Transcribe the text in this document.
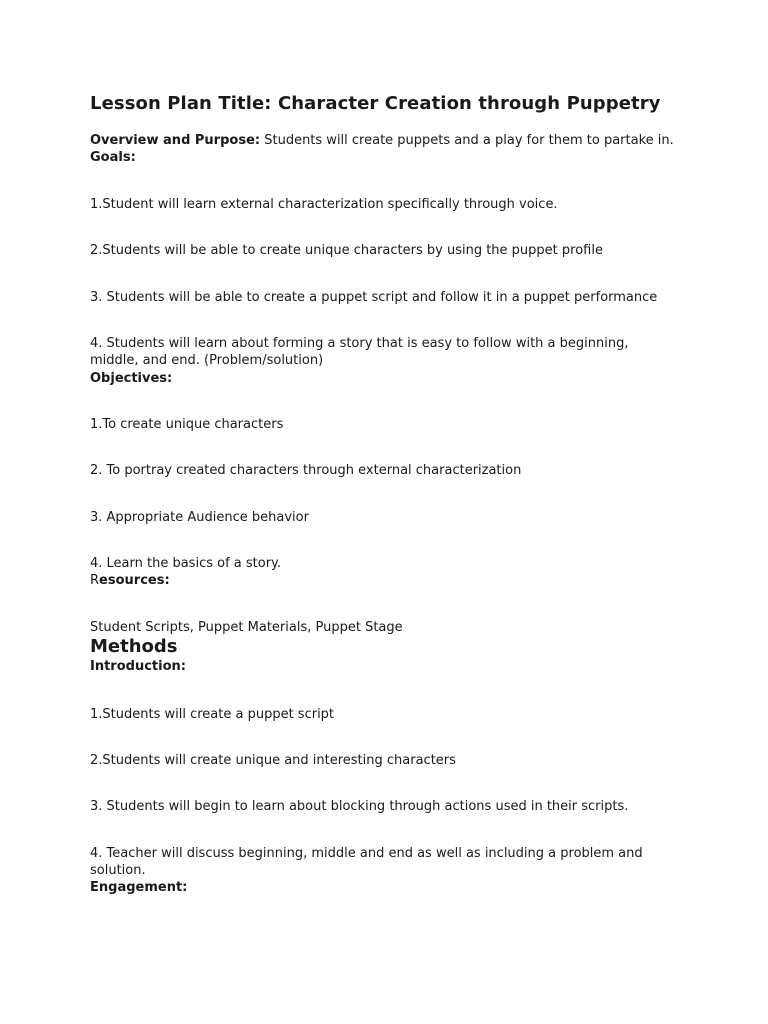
Lesson Plan Title: Character Creation through Puppetry
Overview and Purpose: Students will create puppets and a play for them to partake in.
Goals:
1.Student will learn external characterization specifically through voice.
2.Students will be able to create unique characters by using the puppet profile
3. Students will be able to create a puppet script and follow it in a puppet performance
4. Students will learn about forming a story that is easy to follow with a beginning, middle, and end. (Problem/solution)
Objectives:
1.To create unique characters
2. To portray created characters through external characterization
3. Appropriate Audience behavior
4. Learn the basics of a story.
Resources:
Student Scripts, Puppet Materials, Puppet Stage
Methods
Introduction:
1.Students will create a puppet script
2.Students will create unique and interesting characters
3. Students will begin to learn about blocking through actions used in their scripts.
4. Teacher will discuss beginning, middle and end as well as including a problem and solution.
Engagement:
